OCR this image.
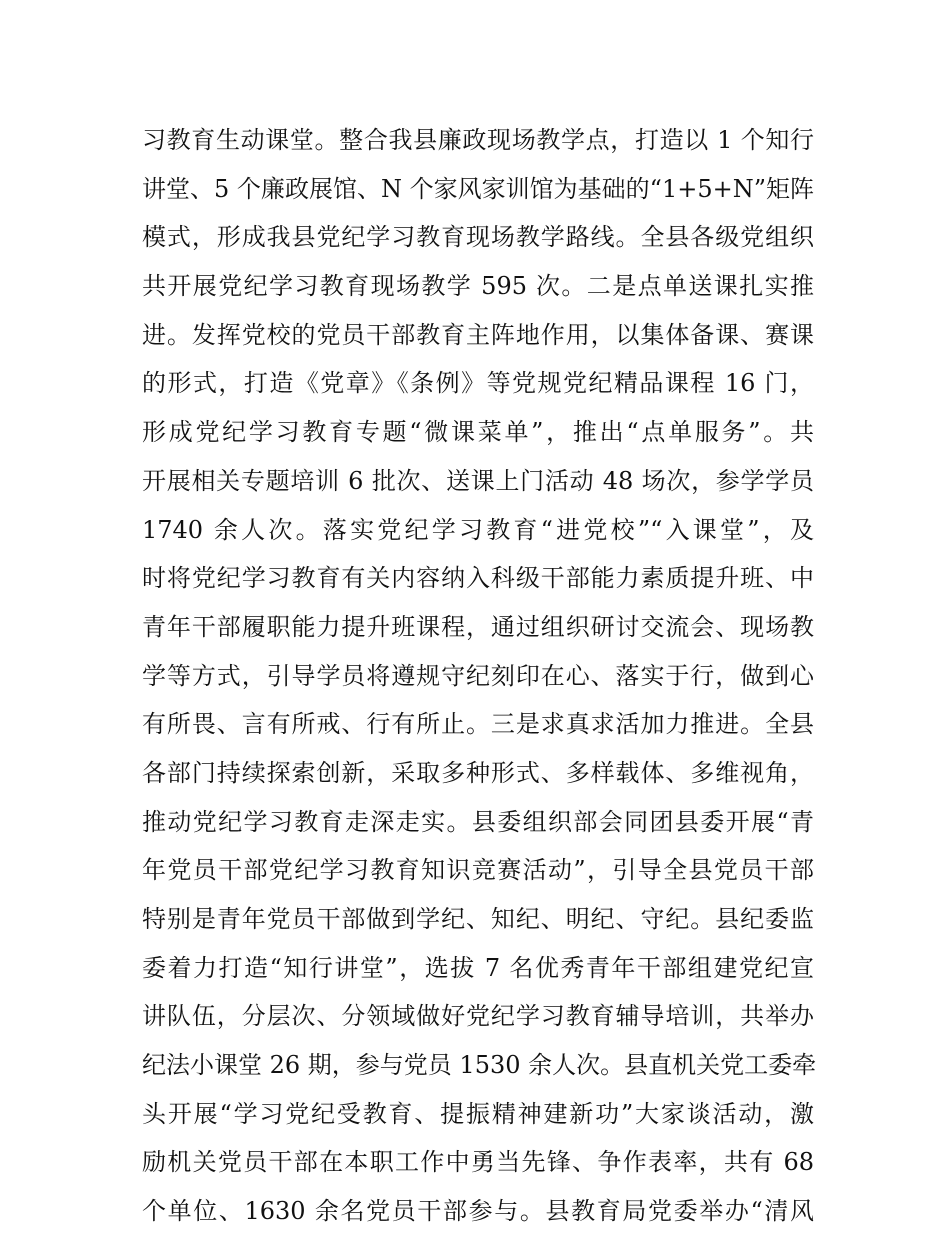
习教育生动课堂。整合我县廉政现场教学点，打造以 1 个知行
讲堂、5 个廉政展馆、N 个家风家训馆为基础的“1+5+N”矩阵
模式，形成我县党纪学习教育现场教学路线。全县各级党组织
共开展党纪学习教育现场教学 595 次。二是点单送课扎实推
进。发挥党校的党员干部教育主阵地作用，以集体备课、赛课
的形式，打造《党章》《条例》等党规党纪精品课程 16 门，
形成党纪学习教育专题“微课菜单”，推出“点单服务”。共
开展相关专题培训 6 批次、送课上门活动 48 场次，参学学员
1740 余人次。落实党纪学习教育“进党校”“入课堂”，及
时将党纪学习教育有关内容纳入科级干部能力素质提升班、中
青年干部履职能力提升班课程，通过组织研讨交流会、现场教
学等方式，引导学员将遵规守纪刻印在心、落实于行，做到心
有所畏、言有所戒、行有所止。三是求真求活加力推进。全县
各部门持续探索创新，采取多种形式、多样载体、多维视角，
推动党纪学习教育走深走实。县委组织部会同团县委开展“青
年党员干部党纪学习教育知识竞赛活动”，引导全县党员干部
特别是青年党员干部做到学纪、知纪、明纪、守纪。县纪委监
委着力打造“知行讲堂”，选拔 7 名优秀青年干部组建党纪宣
讲队伍，分层次、分领域做好党纪学习教育辅导培训，共举办
纪法小课堂 26 期，参与党员 1530 余人次。县直机关党工委牵
头开展“学习党纪受教育、提振精神建新功”大家谈活动，激
励机关党员干部在本职工作中勇当先锋、争作表率，共有 68
个单位、1630 余名党员干部参与。县教育局党委举办“清风
